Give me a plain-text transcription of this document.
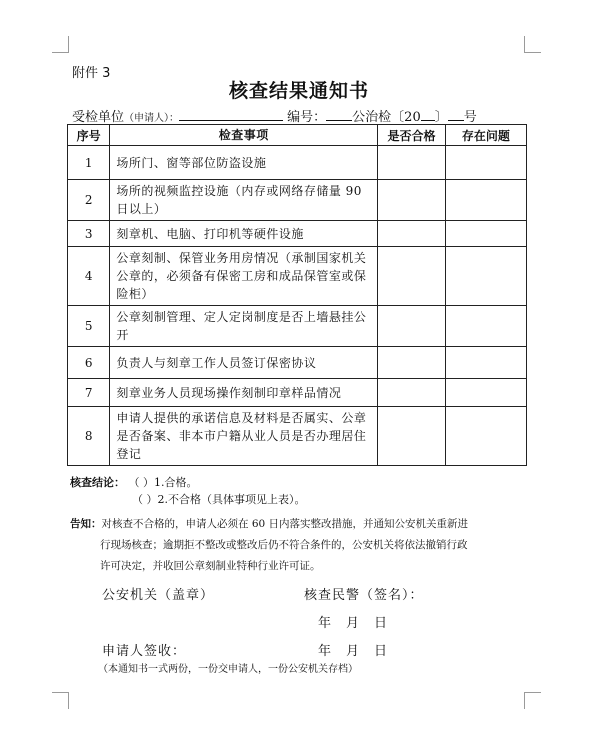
附件 3
核查结果通知书
受检单位（申请人）：	编号： 公治检〔20 〕 号
序号	检查事项	是否合格	存在问题
1	场所门、窗等部位防盗设施		
2	场所的视频监控设施（内存或网络存储量 90 日以上）		
3	刻章机、电脑、打印机等硬件设施		
4	公章刻制、保管业务用房情况（承制国家机关公章的，必须备有保密工房和成品保管室或保险柜）		
5	公章刻制管理、定人定岗制度是否上墙悬挂公开		
6	负责人与刻章工作人员签订保密协议		
7	刻章业务人员现场操作刻制印章样品情况		
8	申请人提供的承诺信息及材料是否属实、公章是否备案、非本市户籍从业人员是否办理居住登记		
核查结论： （ ）1.合格。
（ ）2.不合格（具体事项见上表）。
告知：对核查不合格的，申请人必须在 60 日内落实整改措施，并通知公安机关重新进
行现场核查；逾期拒不整改或整改后仍不符合条件的，公安机关将依法撤销行政
许可决定，并收回公章刻制业特种行业许可证。
公安机关（盖章）	核查民警（签名）：
年　月　日
申请人签收：	年　月　日
（本通知书一式两份，一份交申请人，一份公安机关存档）
